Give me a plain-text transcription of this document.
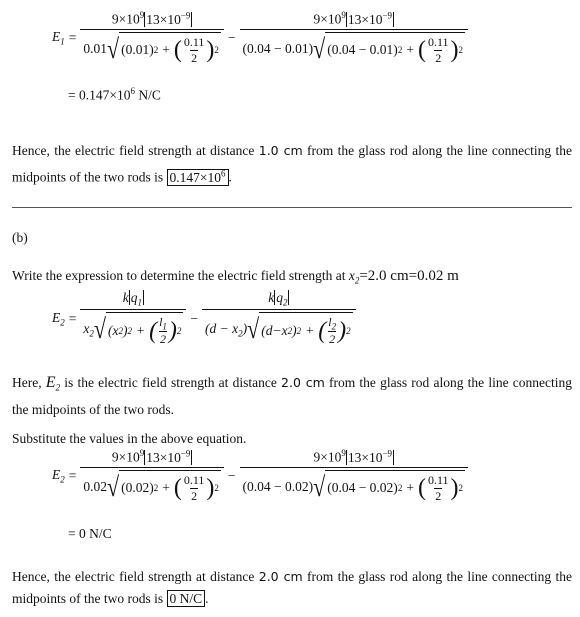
$E_1 = \frac{9\times 10^9 13\times 10^{-9}}{0.01 √ (0.01) 2 + ( \frac{0.11}{2} ) 2} - \frac{9\times 10^9 13\times 10^{-9}}{(0.04 - 0.01) √ (0.04 - 0.01) 2 + ( \frac{0.11}{2} ) 2}$
= $0.147\times 10^6$ N/C
Hence, the electric field strength at distance 1.0 cm from the glass rod along the line connecting the midpoints of the two rods is $0.147\times 10^6$ .
(b)
Write the expression to determine the electric field strength at $x_2=2.0$ cm=0.02 m
$E_2 = \frac{k q_1}{x_2 √ ( x 2 ) 2 + ( \frac{l_1}{2} ) 2} - \frac{k q_2}{(d - x_2) √ ( d - x 2 ) 2 + ( \frac{l_2}{2} ) 2}$
Here, $E_2$ is the electric field strength at distance 2.0 cm from the glass rod along the line connecting the midpoints of the two rods.
Substitute the values in the above equation.
$E_2 = \frac{9\times 10^9 13\times 10^{-9}}{0.02 √ (0.02) 2 + ( \frac{0.11}{2} ) 2} - \frac{9\times 10^9 13\times 10^{-9}}{(0.04 - 0.02) √ (0.04 - 0.02) 2 + ( \frac{0.11}{2} ) 2}$
= 0 N/C
Hence, the electric field strength at distance 2.0 cm from the glass rod along the line connecting the midpoints of the two rods is 0 N/C .
